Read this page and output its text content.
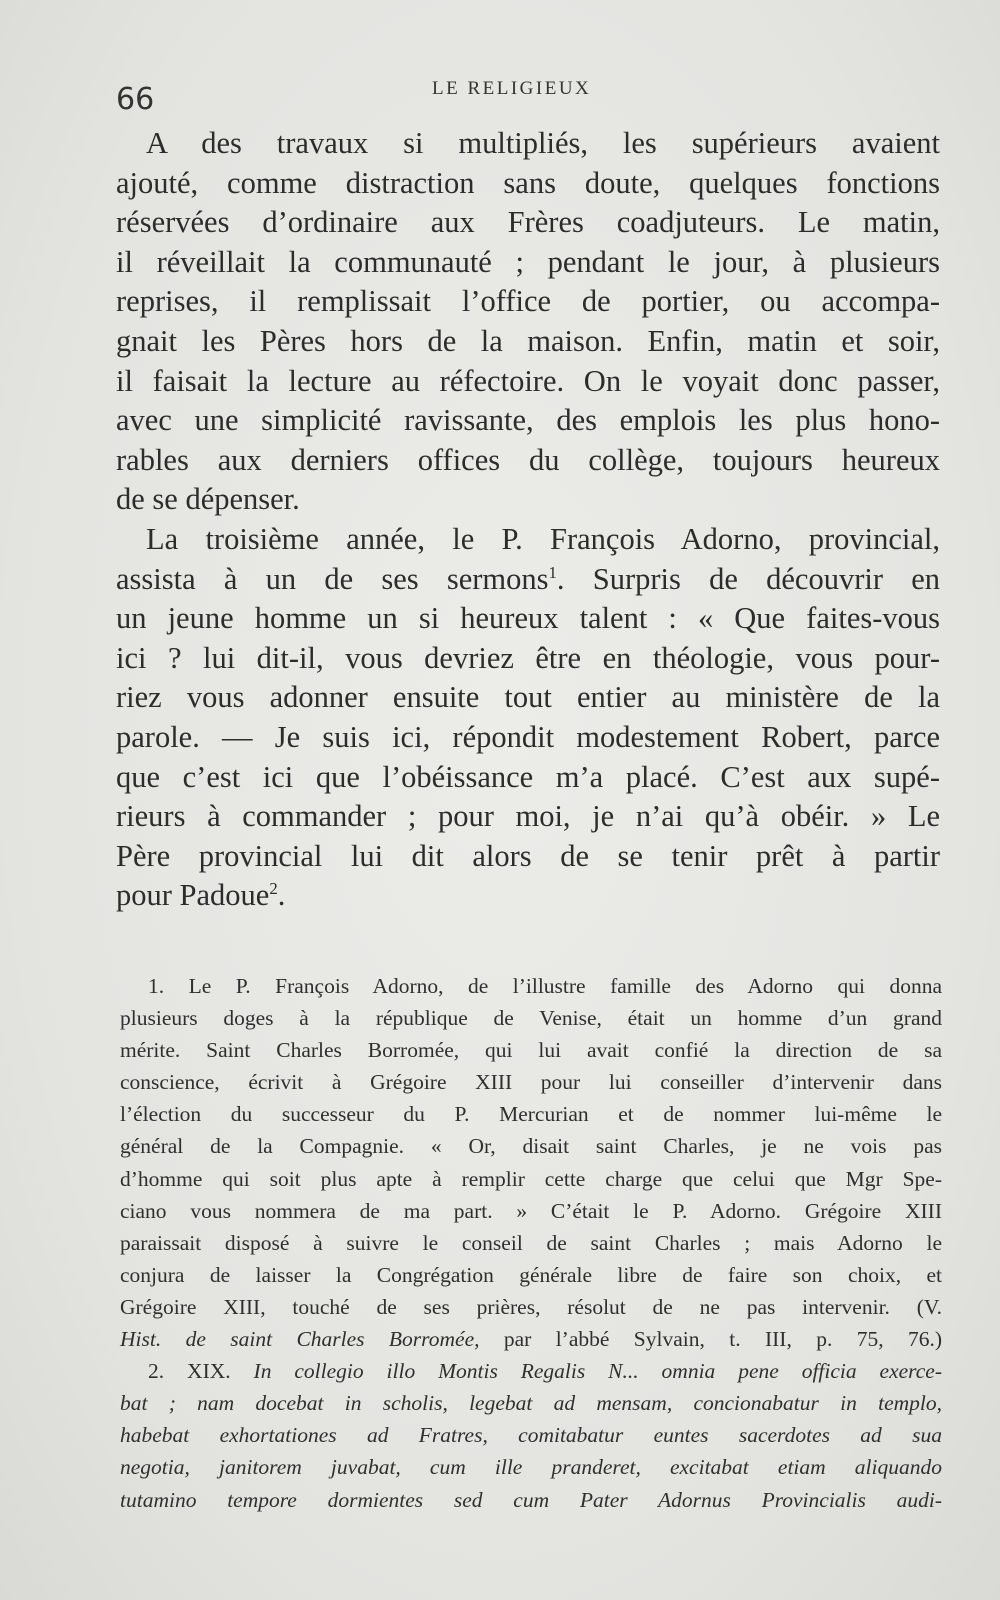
66	LE RELIGIEUX
A des travaux si multipliés, les supérieurs avaient
ajouté, comme distraction sans doute, quelques fonctions
réservées d’ordinaire aux Frères coadjuteurs. Le matin,
il réveillait la communauté ; pendant le jour, à plusieurs
reprises, il remplissait l’office de portier, ou accompa-
gnait les Pères hors de la maison. Enfin, matin et soir,
il faisait la lecture au réfectoire. On le voyait donc passer,
avec une simplicité ravissante, des emplois les plus hono-
rables aux derniers offices du collège, toujours heureux
de se dépenser.
La troisième année, le P. François Adorno, provincial,
assista à un de ses sermons$^1$. Surpris de découvrir en
un jeune homme un si heureux talent : « Que faites-vous
ici ? lui dit-il, vous devriez être en théologie, vous pour-
riez vous adonner ensuite tout entier au ministère de la
parole. — Je suis ici, répondit modestement Robert, parce
que c’est ici que l’obéissance m’a placé. C’est aux supé-
rieurs à commander ; pour moi, je n’ai qu’à obéir. » Le
Père provincial lui dit alors de se tenir prêt à partir
pour Padoue$^2$.
1. Le P. François Adorno, de l’illustre famille des Adorno qui donna
plusieurs doges à la république de Venise, était un homme d’un grand
mérite. Saint Charles Borromée, qui lui avait confié la direction de sa
conscience, écrivit à Grégoire XIII pour lui conseiller d’intervenir dans
l’élection du successeur du P. Mercurian et de nommer lui-même le
général de la Compagnie. « Or, disait saint Charles, je ne vois pas
d’homme qui soit plus apte à remplir cette charge que celui que Mgr Spe-
ciano vous nommera de ma part. » C’était le P. Adorno. Grégoire XIII
paraissait disposé à suivre le conseil de saint Charles ; mais Adorno le
conjura de laisser la Congrégation générale libre de faire son choix, et
Grégoire XIII, touché de ses prières, résolut de ne pas intervenir. (V.
Hist. de saint Charles Borromée, par l’abbé Sylvain, t. III, p. 75, 76.)
2. XIX. In collegio illo Montis Regalis N... omnia pene officia exerce-
bat ; nam docebat in scholis, legebat ad mensam, concionabatur in templo,
habebat exhortationes ad Fratres, comitabatur euntes sacerdotes ad sua
negotia, janitorem juvabat, cum ille pranderet, excitabat etiam aliquando
tutamino tempore dormientes sed cum Pater Adornus Provincialis audi-
